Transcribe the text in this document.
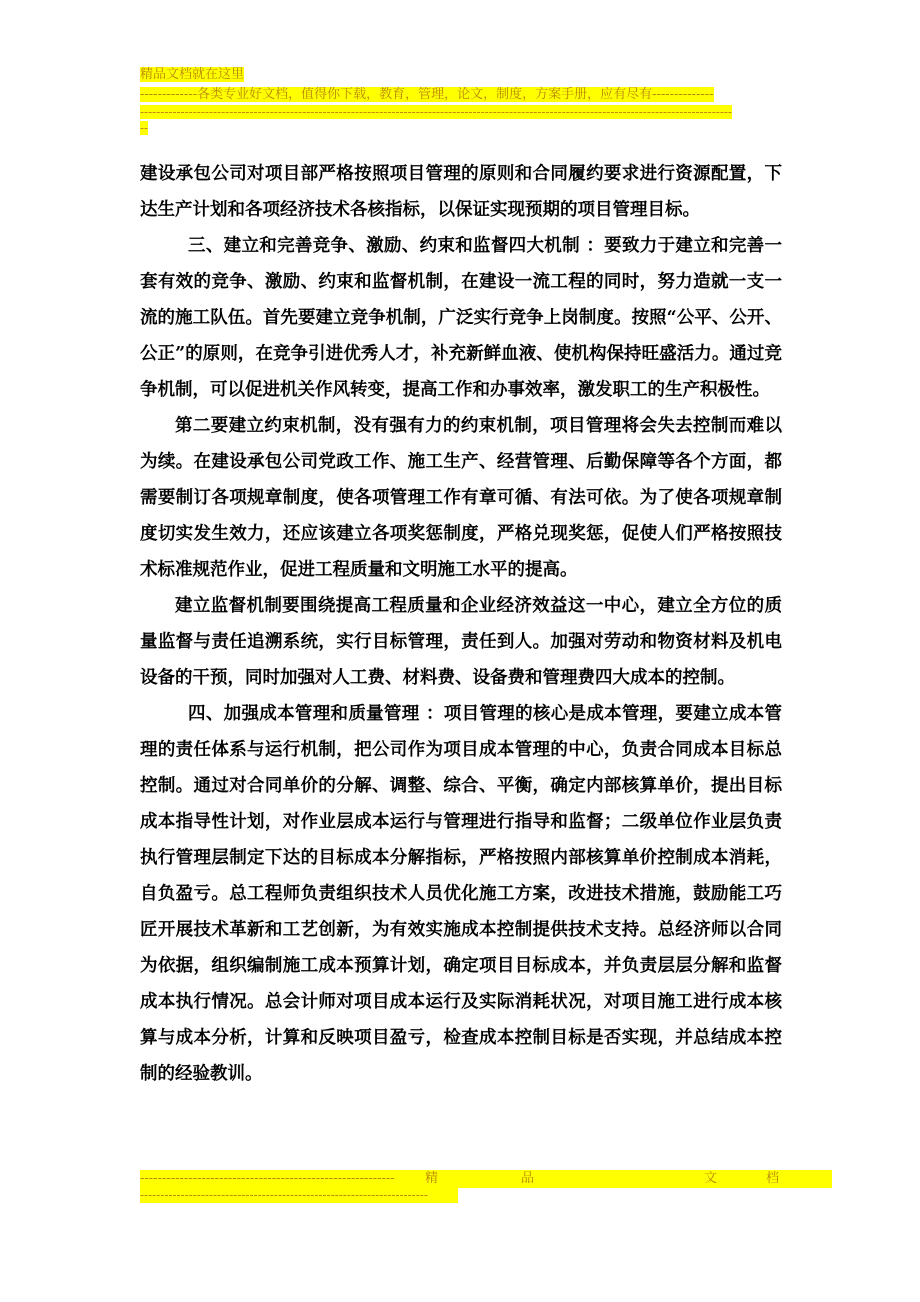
精品文档就在这里
-------------各类专业好文档，值得你下载，教育，管理，论文，制度，方案手册，应有尽有--------------
--------------------------------------------------------------------------------------------------------------------------------------------------
--

建设承包公司对项目部严格按照项目管理的原则和合同履约要求进行资源配置，下达生产计划和各项经济技术各核指标，以保证实现预期的项目管理目标。

三、建立和完善竞争、激励、约束和监督四大机制 ：要致力于建立和完善一套有效的竞争、激励、约束和监督机制，在建设一流工程的同时，努力造就一支一流的施工队伍。首先要建立竞争机制，广泛实行竞争上岗制度。按照“公平、公开、公正”的原则，在竞争引进优秀人才，补充新鲜血液、使机构保持旺盛活力。通过竞争机制，可以促进机关作风转变，提高工作和办事效率，激发职工的生产积极性。

第二要建立约束机制，没有强有力的约束机制，项目管理将会失去控制而难以为续。在建设承包公司党政工作、施工生产、经营管理、后勤保障等各个方面，都需要制订各项规章制度，使各项管理工作有章可循、有法可依。为了使各项规章制度切实发生效力，还应该建立各项奖惩制度，严格兑现奖惩，促使人们严格按照技术标准规范作业，促进工程质量和文明施工水平的提高。

建立监督机制要围绕提高工程质量和企业经济效益这一中心，建立全方位的质量监督与责任追溯系统，实行目标管理，责任到人。加强对劳动和物资材料及机电设备的干预，同时加强对人工费、材料费、设备费和管理费四大成本的控制。

四、加强成本管理和质量管理 ：项目管理的核心是成本管理，要建立成本管理的责任体系与运行机制，把公司作为项目成本管理的中心，负责合同成本目标总控制。通过对合同单价的分解、调整、综合、平衡，确定内部核算单价，提出目标成本指导性计划，对作业层成本运行与管理进行指导和监督；二级单位作业层负责执行管理层制定下达的目标成本分解指标，严格按照内部核算单价控制成本消耗，自负盈亏。总工程师负责组织技术人员优化施工方案，改进技术措施，鼓励能工巧匠开展技术革新和工艺创新，为有效实施成本控制提供技术支持。总经济师以合同为依据，组织编制施工成本预算计划，确定项目目标成本，并负责层层分解和监督成本执行情况。总会计师对项目成本运行及实际消耗状况，对项目施工进行成本核算与成本分析，计算和反映项目盈亏，检查成本控制目标是否实现，并总结成本控制的经验教训。

---------------------------------------------------------- 精	品	文	档
-----------------------------------------------------------------------
